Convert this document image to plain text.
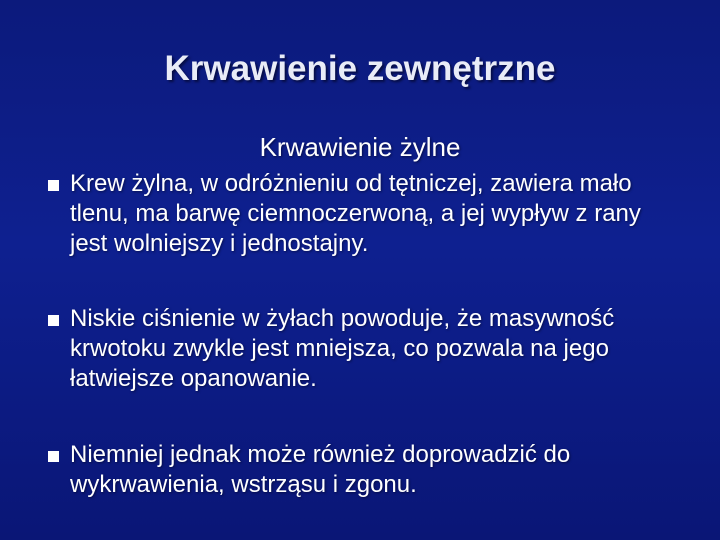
Krwawienie zewnętrzne
Krwawienie żylne
Krew żylna, w odróżnieniu od tętniczej, zawiera mało tlenu, ma barwę ciemnoczerwoną, a jej wypływ z rany jest wolniejszy i jednostajny.
Niskie ciśnienie w żyłach powoduje, że masywność krwotoku zwykle jest mniejsza, co pozwala na jego łatwiejsze opanowanie.
Niemniej jednak może również doprowadzić do wykrwawienia, wstrząsu i zgonu.
